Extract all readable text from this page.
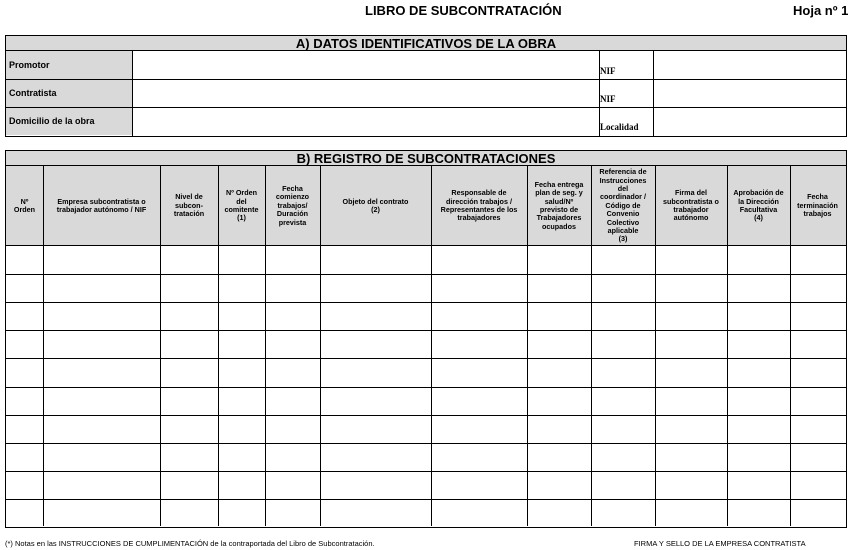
LIBRO DE SUBCONTRATACIÓN	Hoja nº 1
A) DATOS IDENTIFICATIVOS DE LA OBRA
Promotor
Contratista
Domicilio de la obra
NIF
NIF
Localidad
B) REGISTRO DE SUBCONTRATACIONES
Nº
Orden
Empresa subcontratista o
trabajador autónomo / NIF
Nivel de
subcon-
tratación
Nº Orden
del
comitente
(1)
Fecha
comienzo
trabajos/
Duración
prevista
Objeto del contrato
(2)
Responsable de
dirección trabajos /
Representantes de los
trabajadores
Fecha entrega
plan de seg. y
salud/Nº
previsto de
Trabajadores
ocupados
Referencia de
Instrucciones
del
coordinador /
Código de
Convenio
Colectivo
aplicable
(3)
Firma del
subcontratista o
trabajador
autónomo
Aprobación de
la Dirección
Facultativa
(4)
Fecha
terminación
trabajos
(*) Notas en las INSTRUCCIONES DE CUMPLIMENTACIÓN de la contraportada del Libro de Subcontratación.	FIRMA Y SELLO DE LA EMPRESA CONTRATISTA
